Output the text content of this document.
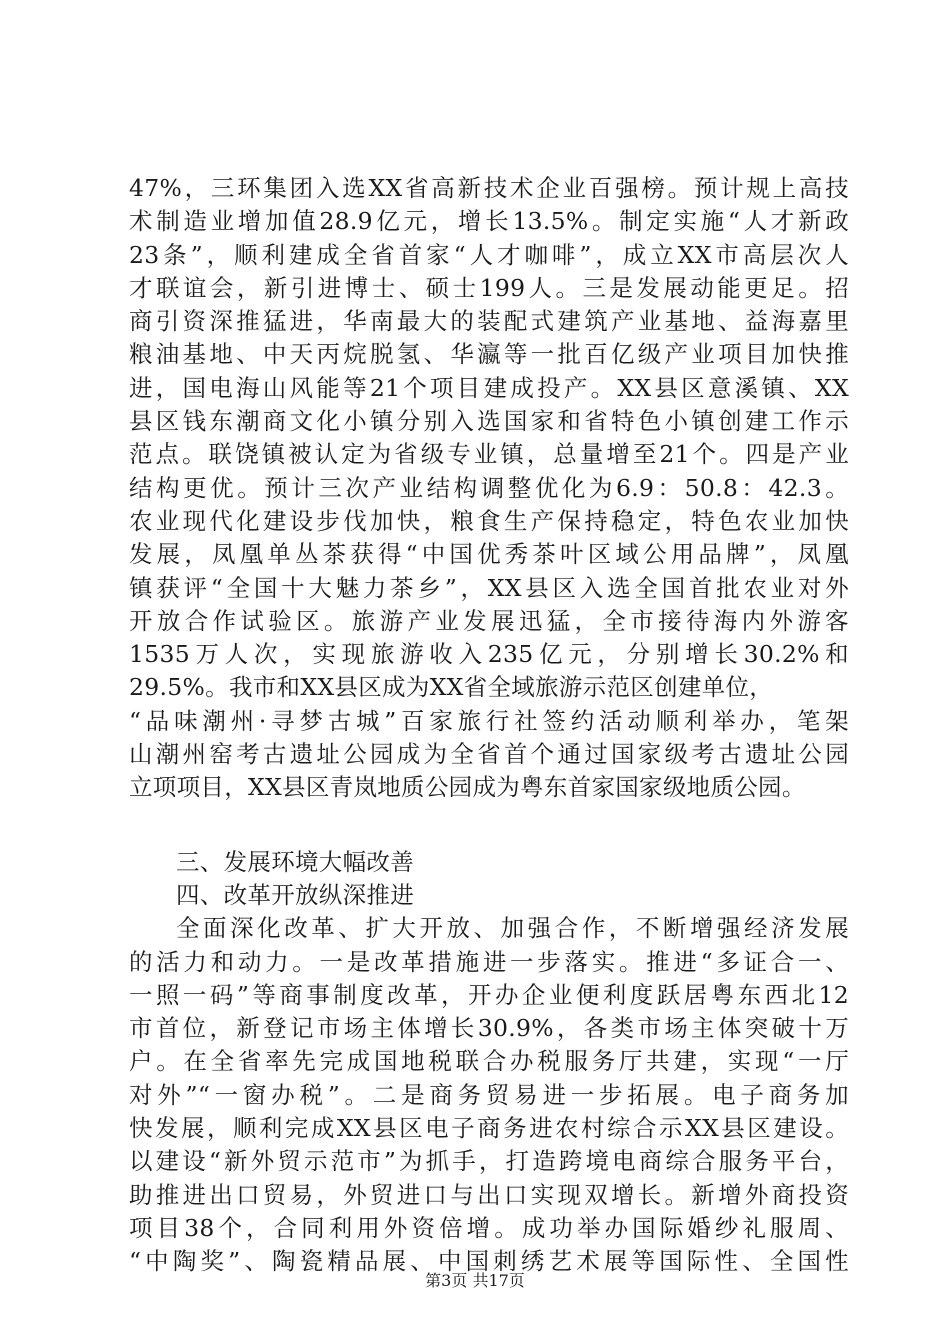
47%，三环集团入选XX省高新技术企业百强榜。预计规上高技
术制造业增加值28.9亿元，增长13.5%。制定实施“人才新政
23条”，顺利建成全省首家“人才咖啡”，成立XX市高层次人
才联谊会，新引进博士、硕士199人。三是发展动能更足。招
商引资深推猛进，华南最大的装配式建筑产业基地、益海嘉里
粮油基地、中天丙烷脱氢、华瀛等一批百亿级产业项目加快推
进，国电海山风能等21个项目建成投产。XX县区意溪镇、XX
县区钱东潮商文化小镇分别入选国家和省特色小镇创建工作示
范点。联饶镇被认定为省级专业镇，总量增至21个。四是产业
结构更优。预计三次产业结构调整优化为6.9：50.8：42.3。
农业现代化建设步伐加快，粮食生产保持稳定，特色农业加快
发展，凤凰单丛茶获得“中国优秀茶叶区域公用品牌”，凤凰
镇获评“全国十大魅力茶乡”，XX县区入选全国首批农业对外
开放合作试验区。旅游产业发展迅猛，全市接待海内外游客
1535万人次，实现旅游收入235亿元，分别增长30.2%和
29.5%。我市和XX县区成为XX省全域旅游示范区创建单位，
“品味潮州·寻梦古城”百家旅行社签约活动顺利举办，笔架
山潮州窑考古遗址公园成为全省首个通过国家级考古遗址公园
立项项目，XX县区青岚地质公园成为粤东首家国家级地质公园。
三、发展环境大幅改善
四、改革开放纵深推进
全面深化改革、扩大开放、加强合作，不断增强经济发展
的活力和动力。一是改革措施进一步落实。推进“多证合一、
一照一码”等商事制度改革，开办企业便利度跃居粤东西北12
市首位，新登记市场主体增长30.9%，各类市场主体突破十万
户。在全省率先完成国地税联合办税服务厅共建，实现“一厅
对外”“一窗办税”。二是商务贸易进一步拓展。电子商务加
快发展，顺利完成XX县区电子商务进农村综合示XX县区建设。
以建设“新外贸示范市”为抓手，打造跨境电商综合服务平台，
助推进出口贸易，外贸进口与出口实现双增长。新增外商投资
项目38个，合同利用外资倍增。成功举办国际婚纱礼服周、
“中陶奖”、陶瓷精品展、中国刺绣艺术展等国际性、全国性
第3页 共17页
